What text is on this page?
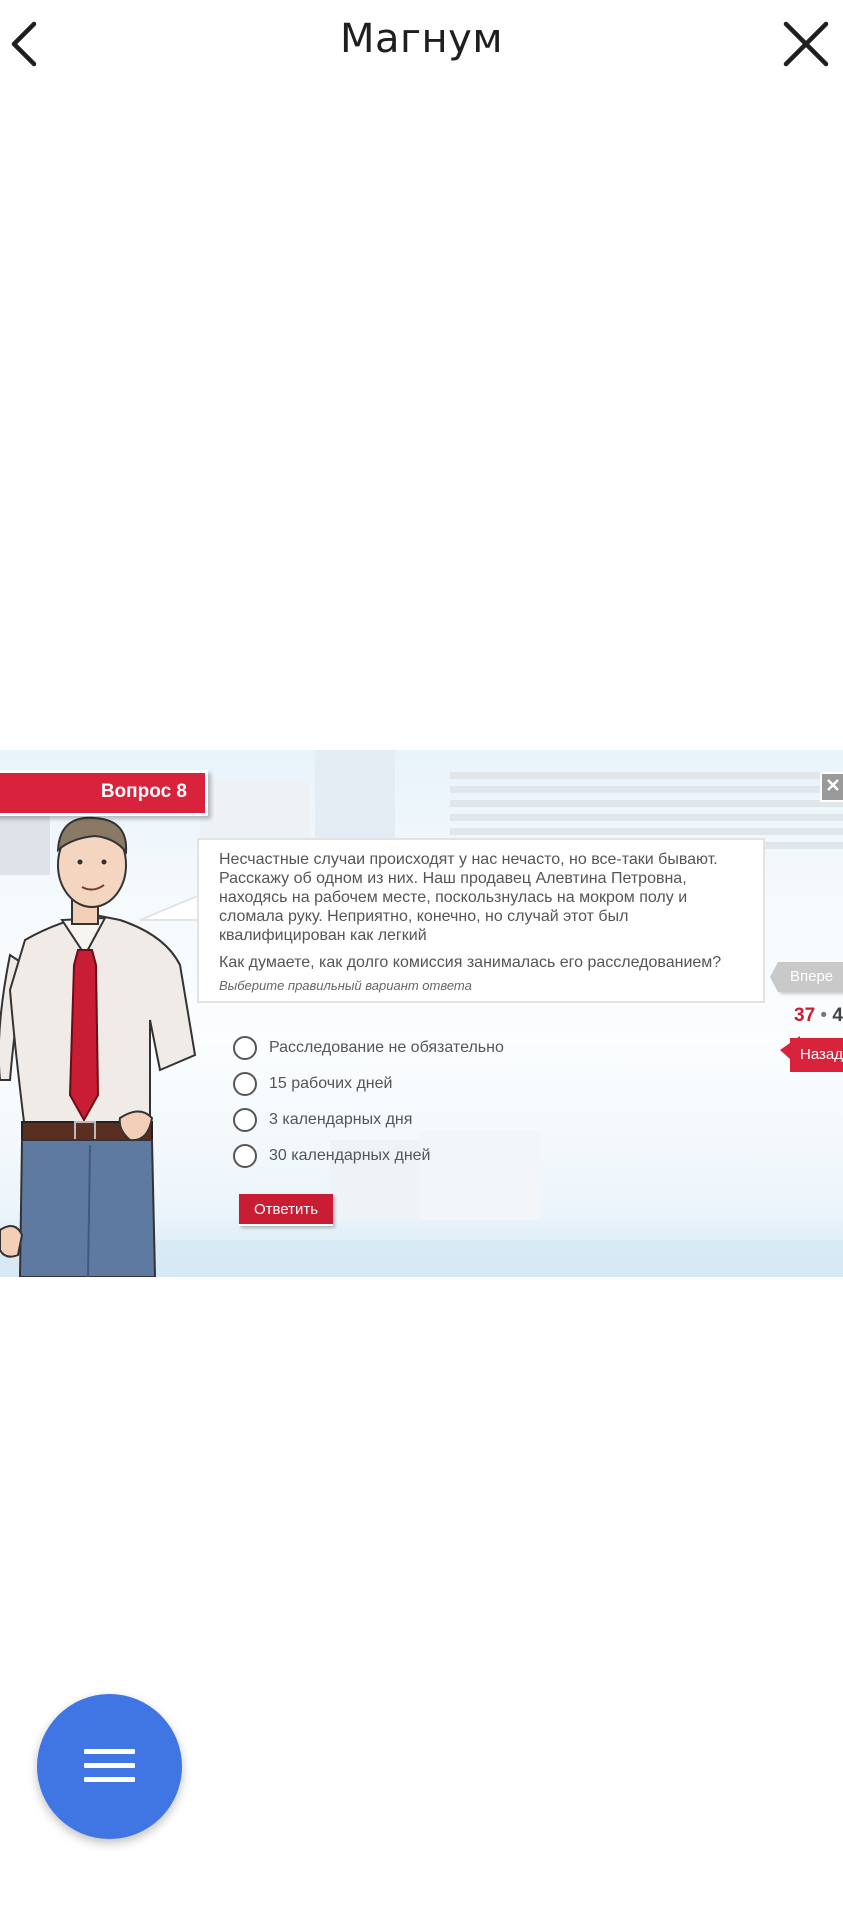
Магнум
Вопрос 8

Несчастные случаи происходят у нас нечасто, но все-таки бывают. Расскажу об одном из них. Наш продавец Алевтина Петровна, находясь на рабочем месте, поскользнулась на мокром полу и сломала руку. Неприятно, конечно, но случай этот был квалифицирован как легкий

Как думаете, как долго комиссия занималась его расследованием?

Выберите правильный вариант ответа

Расследование не обязательно
15 рабочих дней
3 календарных дня
30 календарных дней
Ответить
Впере
37 • 4
Назад
